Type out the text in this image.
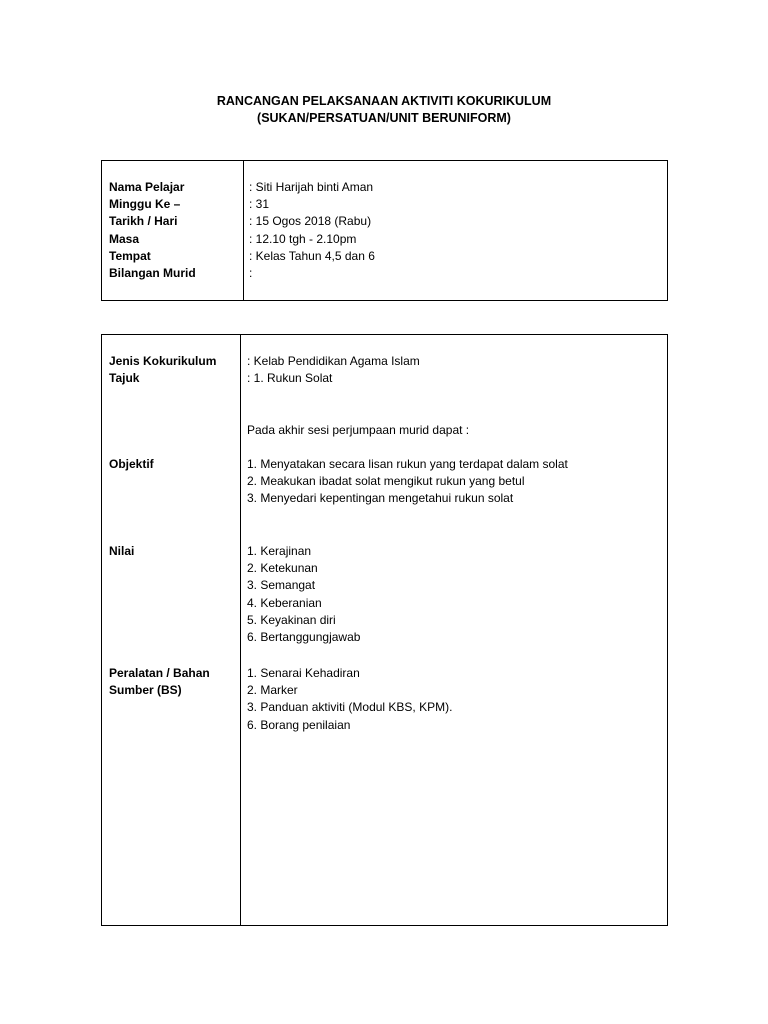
RANCANGAN PELAKSANAAN AKTIVITI KOKURIKULUM
(SUKAN/PERSATUAN/UNIT BERUNIFORM)
Nama Pelajar
Minggu Ke –
Tarikh / Hari
Masa
Tempat
Bilangan Murid
: Siti Harijah binti Aman
: 31
: 15 Ogos 2018 (Rabu)
: 12.10 tgh - 2.10pm
: Kelas Tahun 4,5 dan 6
:
Jenis Kokurikulum
Tajuk
: Kelab Pendidikan Agama Islam
: 1. Rukun Solat
Pada akhir sesi perjumpaan murid dapat :
Objektif	1. Menyatakan secara lisan rukun yang terdapat dalam solat
2. Meakukan ibadat solat mengikut rukun yang betul
3. Menyedari kepentingan mengetahui rukun solat
Nilai	1. Kerajinan
2. Ketekunan
3. Semangat
4. Keberanian
5. Keyakinan diri
6. Bertanggungjawab
Peralatan / Bahan
Sumber (BS)
1. Senarai Kehadiran
2. Marker
3. Panduan aktiviti (Modul KBS, KPM).
6. Borang penilaian
